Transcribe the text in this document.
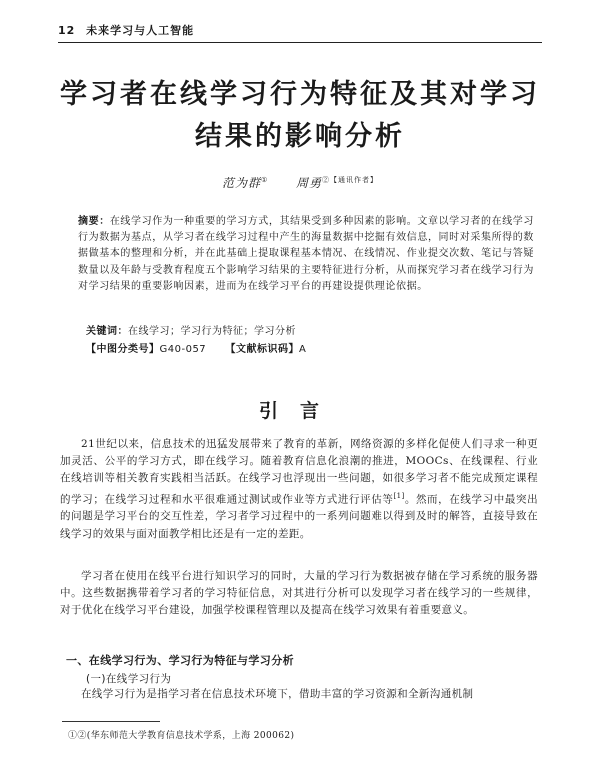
12 未来学习与人工智能
学习者在线学习行为特征及其对学习
结果的影响分析
范为群① 周勇$^{②【通讯作者】}$
摘要：在线学习作为一种重要的学习方式，其结果受到多种因素的影响。文章以学习者的在线学习行为数据为基点，从学习者在线学习过程中产生的海量数据中挖掘有效信息，同时对采集所得的数据做基本的整理和分析，并在此基础上提取课程基本情况、在线情况、作业提交次数、笔记与答疑数量以及年龄与受教育程度五个影响学习结果的主要特征进行分析，从而探究学习者在线学习行为对学习结果的重要影响因素，进而为在线学习平台的再建设提供理论依据。
关键词：在线学习；学习行为特征；学习分析
【中图分类号】G40-057 【文献标识码】A
引言

21世纪以来，信息技术的迅猛发展带来了教育的革新，网络资源的多样化促使人们寻求一种更加灵活、公平的学习方式，即在线学习。随着教育信息化浪潮的推进，MOOCs、在线课程、行业在线培训等相关教育实践相当活跃。在线学习也浮现出一些问题，如很多学习者不能完成预定课程的学习；在线学习过程和水平很难通过测试或作业等方式进行评估等[1]。然而，在线学习中最突出的问题是学习平台的交互性差，学习者学习过程中的一系列问题难以得到及时的解答，直接导致在线学习的效果与面对面教学相比还是有一定的差距。

学习者在使用在线平台进行知识学习的同时，大量的学习行为数据被存储在学习系统的服务器中。这些数据携带着学习者的学习特征信息，对其进行分析可以发现学习者在线学习的一些规律，对于优化在线学习平台建设，加强学校课程管理以及提高在线学习效果有着重要意义。

一、在线学习行为、学习行为特征与学习分析
(一)在线学习行为

在线学习行为是指学习者在信息技术环境下，借助丰富的学习资源和全新沟通机制

①②(华东师范大学教育信息技术学系，上海 200062)
